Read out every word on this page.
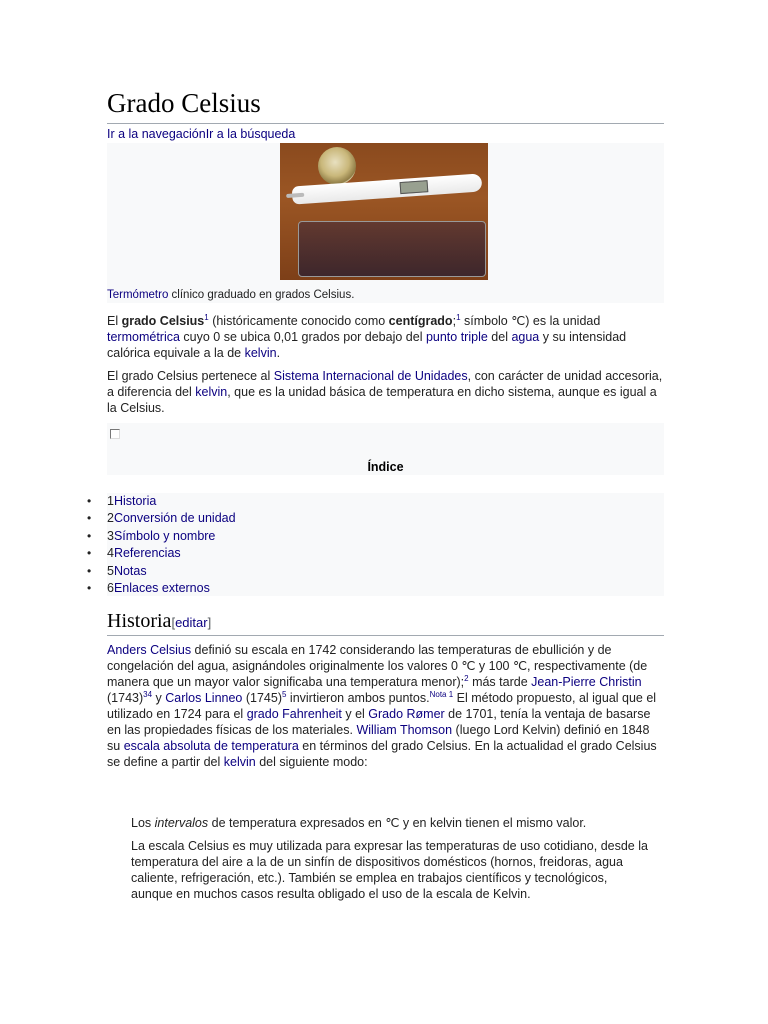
Grado Celsius
Ir a la navegaciónIr a la búsqueda
Termómetro clínico graduado en grados Celsius.
El grado Celsius$^1$ (históricamente conocido como centígrado;$^1$ símbolo ℃) es la unidad termométrica cuyo 0 se ubica 0,01 grados por debajo del punto triple del agua y su intensidad calórica equivale a la de kelvin.
El grado Celsius pertenece al Sistema Internacional de Unidades, con carácter de unidad accesoria, a diferencia del kelvin, que es la unidad básica de temperatura en dicho sistema, aunque es igual a la Celsius.
Índice
• 1Historia
• 2Conversión de unidad
• 3Símbolo y nombre
• 4Referencias
• 5Notas
• 6Enlaces externos
Historia[editar]
Anders Celsius definió su escala en 1742 considerando las temperaturas de ebullición y de congelación del agua, asignándoles originalmente los valores 0 ℃ y 100 ℃, respectivamente (de manera que un mayor valor significaba una temperatura menor);$^2$ más tarde Jean-Pierre Christin $(1743)^{34}$ y Carlos Linneo $(1745)^5$ invirtieron ambos puntos.$^{Nota 1}$ El método propuesto, al igual que el utilizado en 1724 para el grado Fahrenheit y el Grado Rømer de 1701, tenía la ventaja de basarse en las propiedades físicas de los materiales. William Thomson (luego Lord Kelvin) definió en 1848 su escala absoluta de temperatura en términos del grado Celsius. En la actualidad el grado Celsius se define a partir del kelvin del siguiente modo:
Los intervalos de temperatura expresados en ℃ y en kelvin tienen el mismo valor.
La escala Celsius es muy utilizada para expresar las temperaturas de uso cotidiano, desde la temperatura del aire a la de un sinfín de dispositivos domésticos (hornos, freidoras, agua caliente, refrigeración, etc.). También se emplea en trabajos científicos y tecnológicos, aunque en muchos casos resulta obligado el uso de la escala de Kelvin.
